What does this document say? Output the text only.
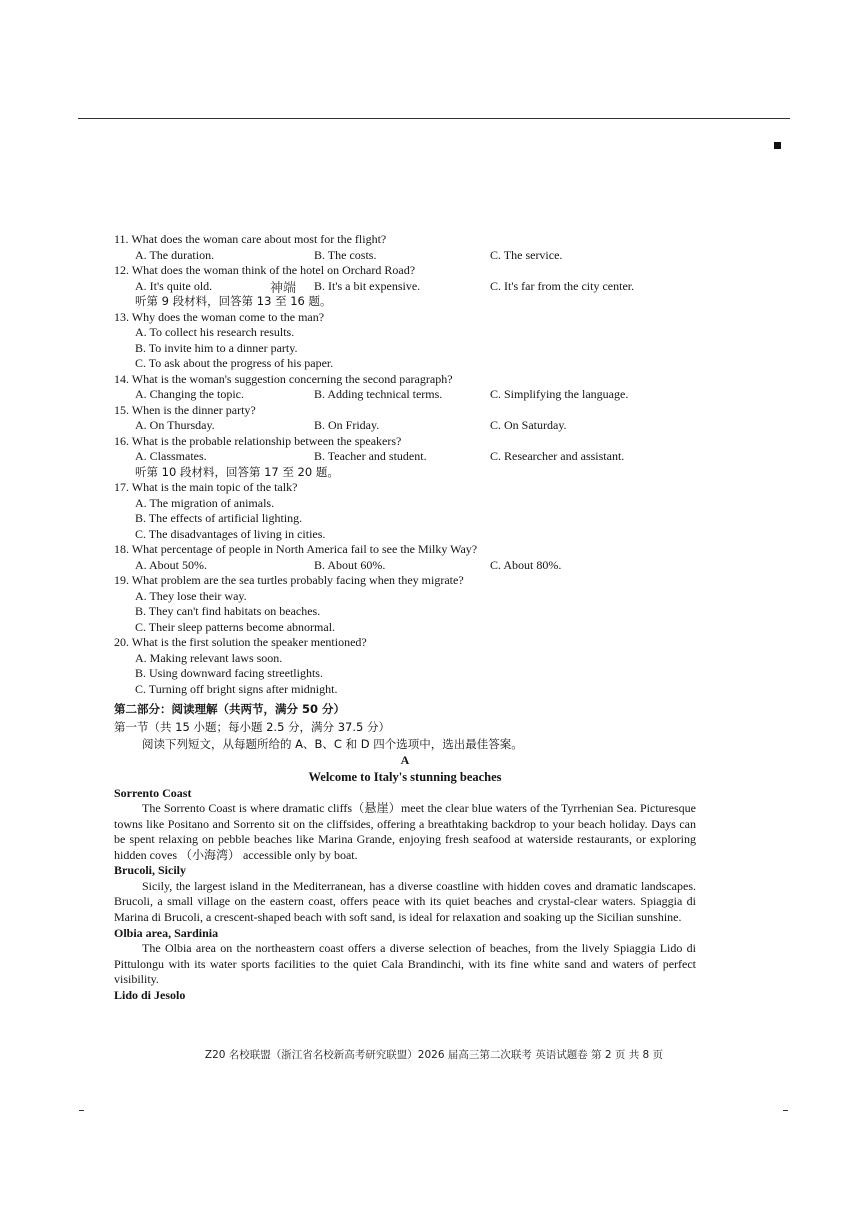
神端
11. What does the woman care about most for the flight?
A. The duration.	B. The costs.	C. The service.
12. What does the woman think of the hotel on Orchard Road?
A. It's quite old.	B. It's a bit expensive.	C. It's far from the city center.
听第 9 段材料，回答第 13 至 16 题。
13. Why does the woman come to the man?
A. To collect his research results.
B. To invite him to a dinner party.
C. To ask about the progress of his paper.
14. What is the woman's suggestion concerning the second paragraph?
A. Changing the topic.	B. Adding technical terms.	C. Simplifying the language.
15. When is the dinner party?
A. On Thursday.	B. On Friday.	C. On Saturday.
16. What is the probable relationship between the speakers?
A. Classmates.	B. Teacher and student.	C. Researcher and assistant.
听第 10 段材料，回答第 17 至 20 题。
17. What is the main topic of the talk?
A. The migration of animals.
B. The effects of artificial lighting.
C. The disadvantages of living in cities.
18. What percentage of people in North America fail to see the Milky Way?
A. About 50%.	B. About 60%.	C. About 80%.
19. What problem are the sea turtles probably facing when they migrate?
A. They lose their way.
B. They can't find habitats on beaches.
C. Their sleep patterns become abnormal.
20. What is the first solution the speaker mentioned?
A. Making relevant laws soon.
B. Using downward facing streetlights.
C. Turning off bright signs after midnight.
第二部分：阅读理解（共两节，满分 50 分）
第一节（共 15 小题；每小题 2.5 分，满分 37.5 分）
阅读下列短文，从每题所给的 A、B、C 和 D 四个选项中，选出最佳答案。
A
Welcome to Italy's stunning beaches
Sorrento Coast

The Sorrento Coast is where dramatic cliffs（悬崖）meet the clear blue waters of the Tyrrhenian Sea. Picturesque towns like Positano and Sorrento sit on the cliffsides, offering a breathtaking backdrop to your beach holiday. Days can be spent relaxing on pebble beaches like Marina Grande, enjoying fresh seafood at waterside restaurants, or exploring hidden coves （小海湾） accessible only by boat.

Brucoli, Sicily

Sicily, the largest island in the Mediterranean, has a diverse coastline with hidden coves and dramatic landscapes. Brucoli, a small village on the eastern coast, offers peace with its quiet beaches and crystal-clear waters. Spiaggia di Marina di Brucoli, a crescent-shaped beach with soft sand, is ideal for relaxation and soaking up the Sicilian sunshine.

Olbia area, Sardinia

The Olbia area on the northeastern coast offers a diverse selection of beaches, from the lively Spiaggia Lido di Pittulongu with its water sports facilities to the quiet Cala Brandinchi, with its fine white sand and waters of perfect visibility.

Lido di Jesolo
Z20 名校联盟（浙江省名校新高考研究联盟）2026 届高三第二次联考 英语试题卷 第 2 页 共 8 页
